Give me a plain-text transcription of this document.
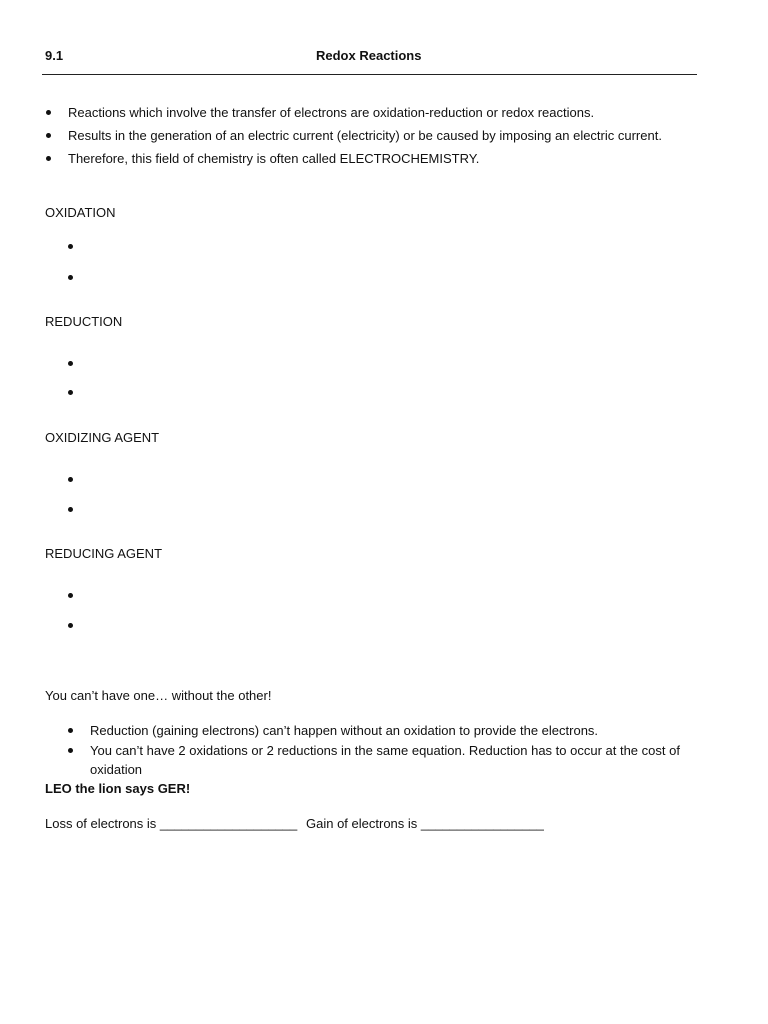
9.1	Redox Reactions
Reactions which involve the transfer of electrons are oxidation-reduction or redox reactions.
Results in the generation of an electric current (electricity) or be caused by imposing an electric current.
Therefore, this field of chemistry is often called ELECTROCHEMISTRY.
OXIDATION
REDUCTION
OXIDIZING AGENT
REDUCING AGENT
You can’t have one… without the other!
Reduction (gaining electrons) can’t happen without an oxidation to provide the electrons.
You can’t have 2 oxidations or 2 reductions in the same equation. Reduction has to occur at the cost of
oxidation
LEO the lion says GER!
Loss of electrons is ___________________ Gain of electrons is _________________
